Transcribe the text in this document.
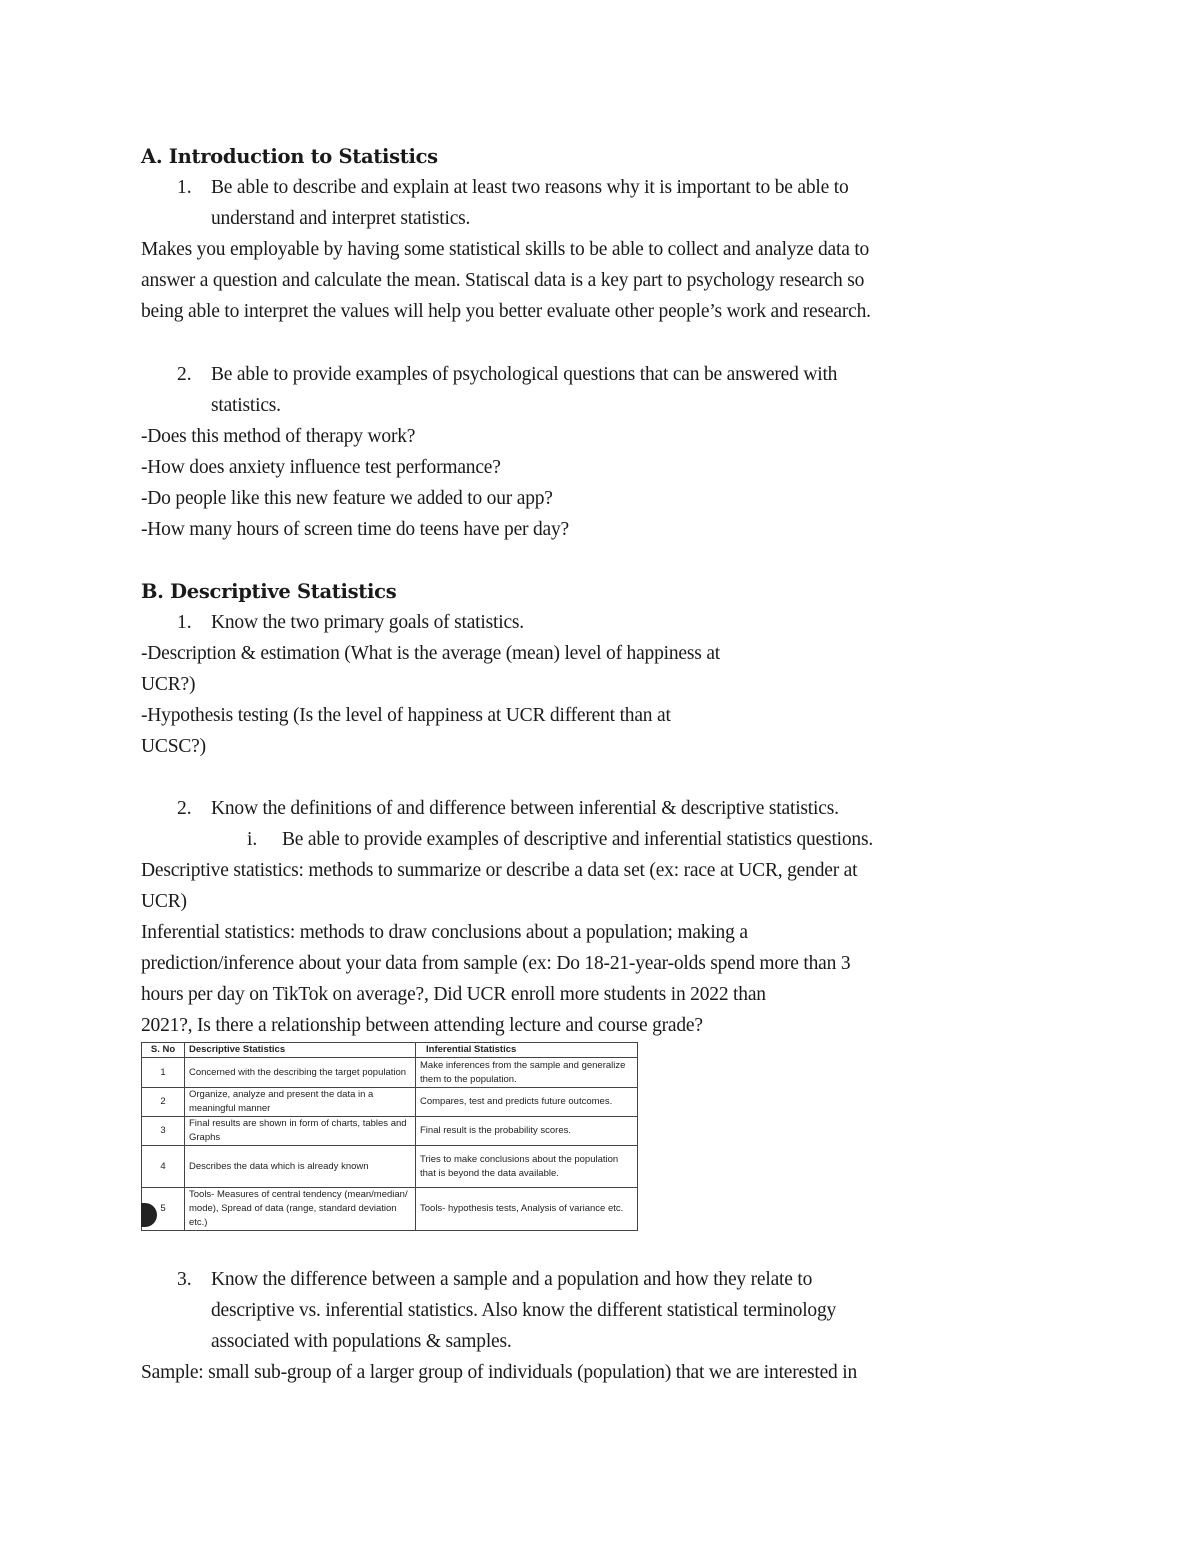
A. Introduction to Statistics
1. Be able to describe and explain at least two reasons why it is important to be able to
understand and interpret statistics.
Makes you employable by having some statistical skills to be able to collect and analyze data to
answer a question and calculate the mean. Statiscal data is a key part to psychology research so
being able to interpret the values will help you better evaluate other people’s work and research.
2. Be able to provide examples of psychological questions that can be answered with
statistics.
-Does this method of therapy work?
-How does anxiety influence test performance?
-Do people like this new feature we added to our app?
-How many hours of screen time do teens have per day?
B. Descriptive Statistics
1. Know the two primary goals of statistics.
-Description & estimation (What is the average (mean) level of happiness at
UCR?)
-Hypothesis testing (Is the level of happiness at UCR different than at
UCSC?)
2. Know the definitions of and difference between inferential & descriptive statistics.
i. Be able to provide examples of descriptive and inferential statistics questions.
Descriptive statistics: methods to summarize or describe a data set (ex: race at UCR, gender at
UCR)
Inferential statistics: methods to draw conclusions about a population; making a
prediction/inference about your data from sample (ex: Do 18-21-year-olds spend more than 3
hours per day on TikTok on average?, Did UCR enroll more students in 2022 than
2021?, Is there a relationship between attending lecture and course grade?
S. No	Descriptive Statistics	Inferential Statistics
1	Concerned with the describing the target population	Make inferences from the sample and generalize them to the population.
2	Organize, analyze and present the data in a meaningful manner	Compares, test and predicts future outcomes.
3	Final results are shown in form of charts, tables and Graphs	Final result is the probability scores.
4	Describes the data which is already known	Tries to make conclusions about the population that is beyond the data available.
5	Tools- Measures of central tendency (mean/median/ mode), Spread of data (range, standard deviation etc.)	Tools- hypothesis tests, Analysis of variance etc.
3. Know the difference between a sample and a population and how they relate to
descriptive vs. inferential statistics. Also know the different statistical terminology
associated with populations & samples.
Sample: small sub-group of a larger group of individuals (population) that we are interested in
